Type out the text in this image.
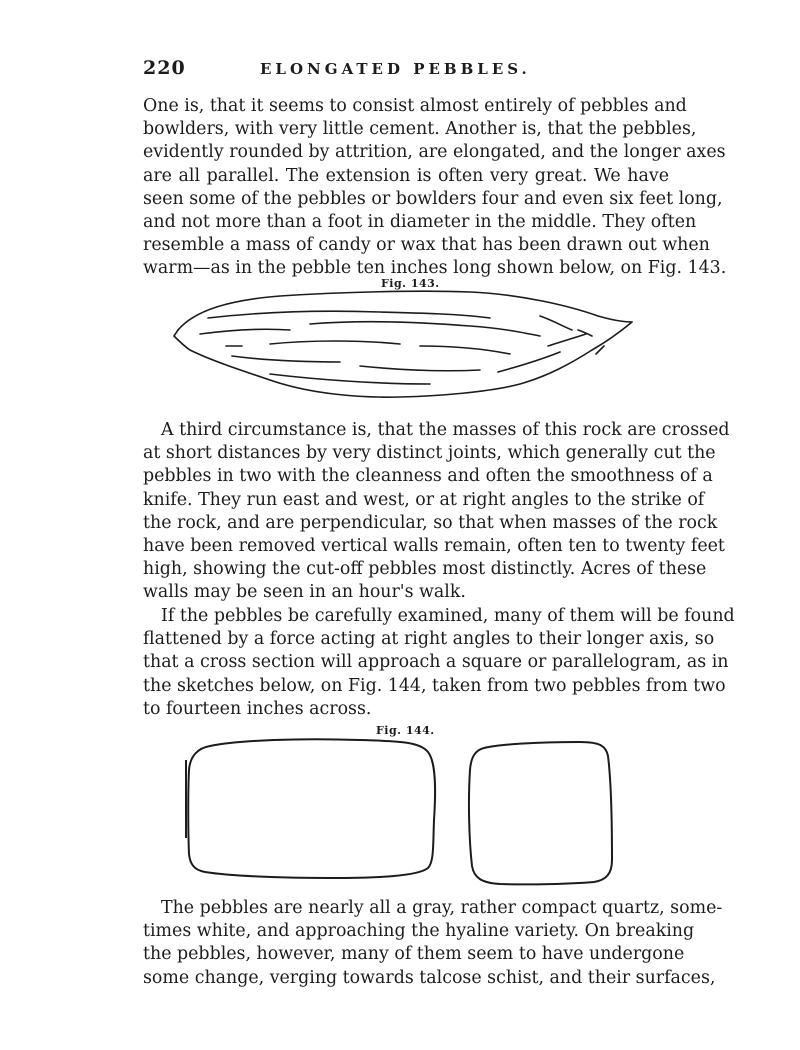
220	ELONGATED PEBBLES.
One is, that it seems to consist almost entirely of pebbles and
bowlders, with very little cement. Another is, that the pebbles,
evidently rounded by attrition, are elongated, and the longer axes
are all parallel. The extension is often very great. We have
seen some of the pebbles or bowlders four and even six feet long,
and not more than a foot in diameter in the middle. They often
resemble a mass of candy or wax that has been drawn out when
warm—as in the pebble ten inches long shown below, on Fig. 143.
Fig. 143.
A third circumstance is, that the masses of this rock are crossed
at short distances by very distinct joints, which generally cut the
pebbles in two with the cleanness and often the smoothness of a
knife. They run east and west, or at right angles to the strike of
the rock, and are perpendicular, so that when masses of the rock
have been removed vertical walls remain, often ten to twenty feet
high, showing the cut-off pebbles most distinctly. Acres of these
walls may be seen in an hour's walk.
If the pebbles be carefully examined, many of them will be found
flattened by a force acting at right angles to their longer axis, so
that a cross section will approach a square or parallelogram, as in
the sketches below, on Fig. 144, taken from two pebbles from two
to fourteen inches across.
Fig. 144.
The pebbles are nearly all a gray, rather compact quartz, some-
times white, and approaching the hyaline variety. On breaking
the pebbles, however, many of them seem to have undergone
some change, verging towards talcose schist, and their surfaces,
